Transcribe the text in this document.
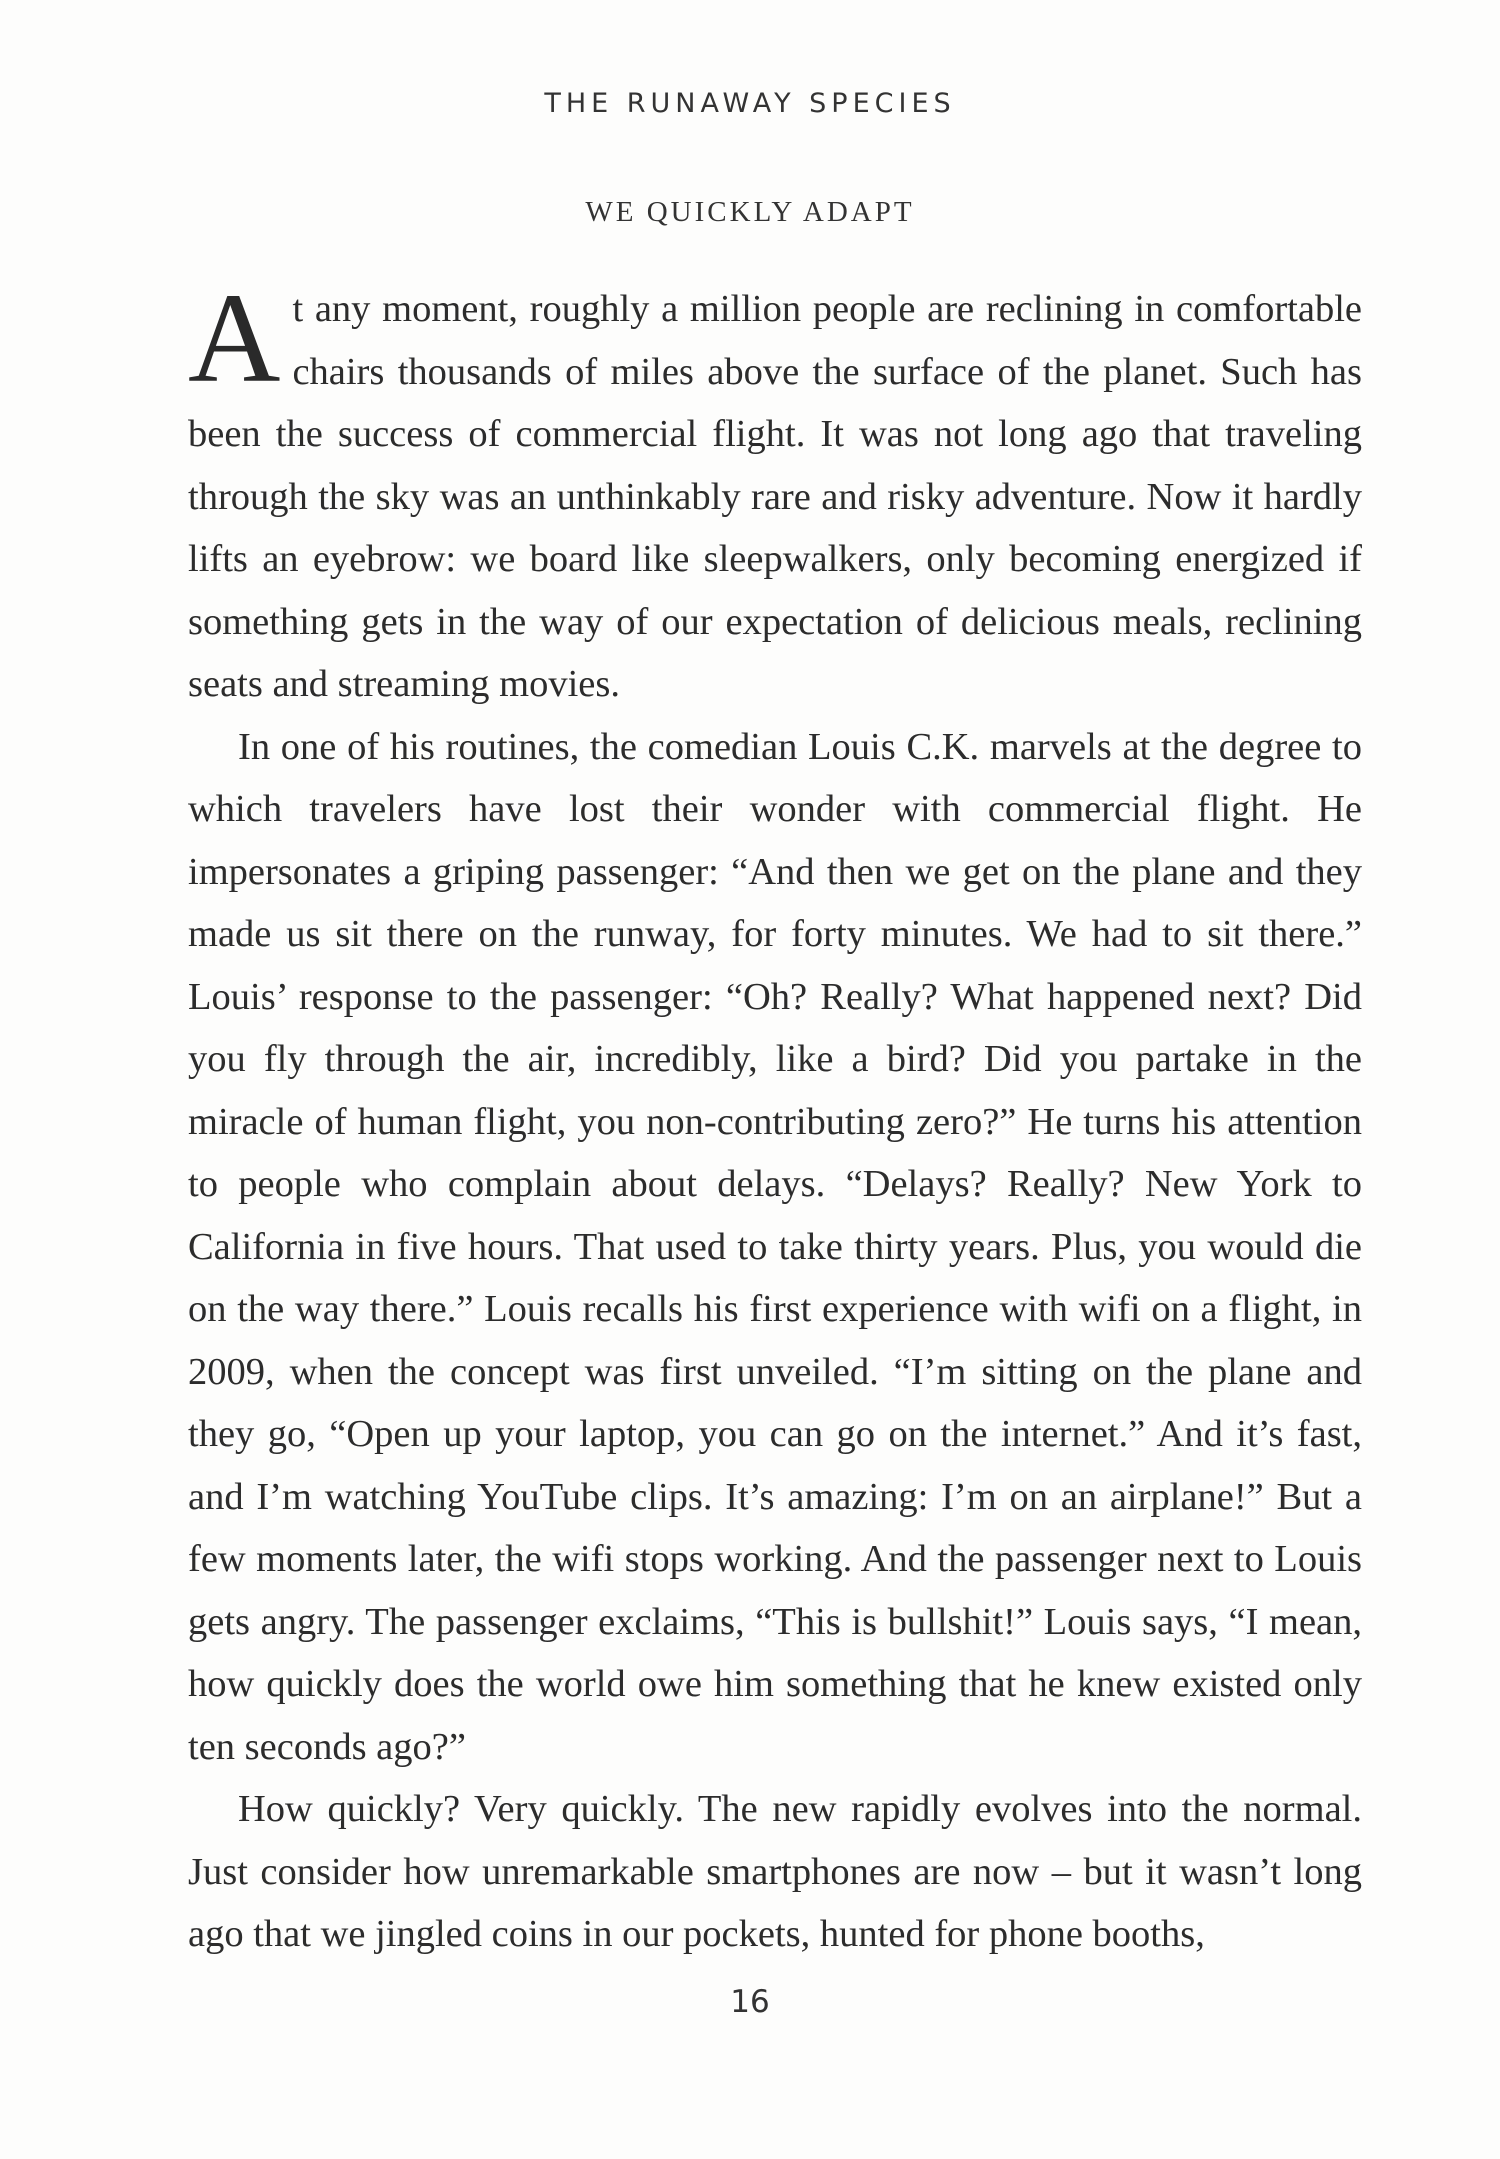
THE RUNAWAY SPECIES
WE QUICKLY ADAPT

At any moment, roughly a million people are reclining in comfortable chairs thousands of miles above the surface of the planet. Such has been the success of commercial flight. It was not long ago that traveling through the sky was an unthinkably rare and risky adventure. Now it hardly lifts an eyebrow: we board like sleepwalkers, only becoming energized if something gets in the way of our expectation of delicious meals, reclining seats and streaming movies.

In one of his routines, the comedian Louis C.K. marvels at the degree to which travelers have lost their wonder with commercial flight. He impersonates a griping passenger: “And then we get on the plane and they made us sit there on the runway, for forty minutes. We had to sit there.” Louis’ response to the passenger: “Oh? Really? What happened next? Did you fly through the air, incredibly, like a bird? Did you partake in the miracle of human flight, you non-contributing zero?” He turns his attention to people who complain about delays. “Delays? Really? New York to California in five hours. That used to take thirty years. Plus, you would die on the way there.” Louis recalls his first experience with wifi on a flight, in 2009, when the concept was first unveiled. “I’m sitting on the plane and they go, “Open up your laptop, you can go on the internet.” And it’s fast, and I’m watching YouTube clips. It’s amazing: I’m on an airplane!” But a few moments later, the wifi stops working. And the passenger next to Louis gets angry. The passenger exclaims, “This is bullshit!” Louis says, “I mean, how quickly does the world owe him something that he knew existed only ten seconds ago?”

How quickly? Very quickly. The new rapidly evolves into the normal. Just consider how unremarkable smartphones are now – but it wasn’t long ago that we jingled coins in our pockets, hunted for phone booths,

16
